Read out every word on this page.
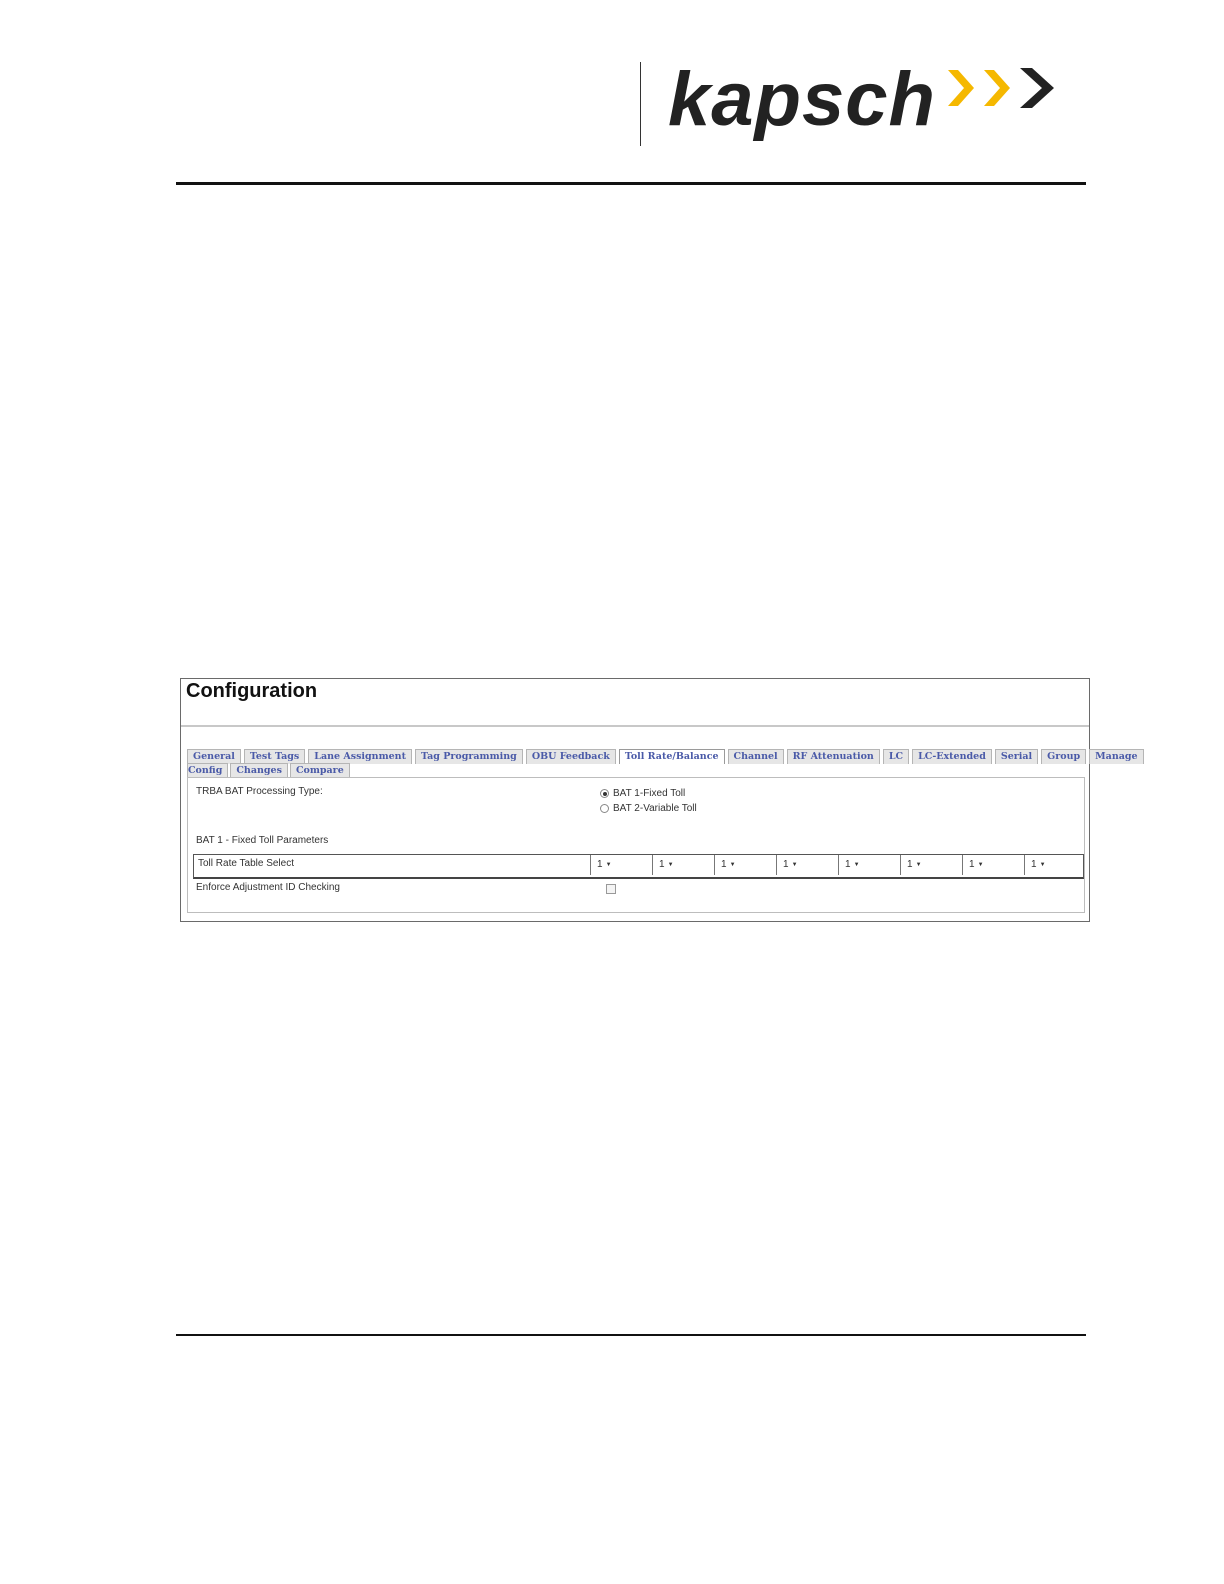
kapsch
Configuration
General	Test Tags	Lane Assignment	Tag Programming	OBU Feedback	Toll Rate/Balance	Channel	RF Attenuation	LC	LC-Extended	Serial	Group	Manage
Config	Changes	Compare
TRBA BAT Processing Type:	BAT 1-Fixed Toll
BAT 2-Variable Toll
BAT 1 - Fixed Toll Parameters
Toll Rate Table Select	1 ▼	1 ▼	1 ▼	1 ▼	1 ▼	1 ▼	1 ▼	1 ▼
Enforce Adjustment ID Checking
